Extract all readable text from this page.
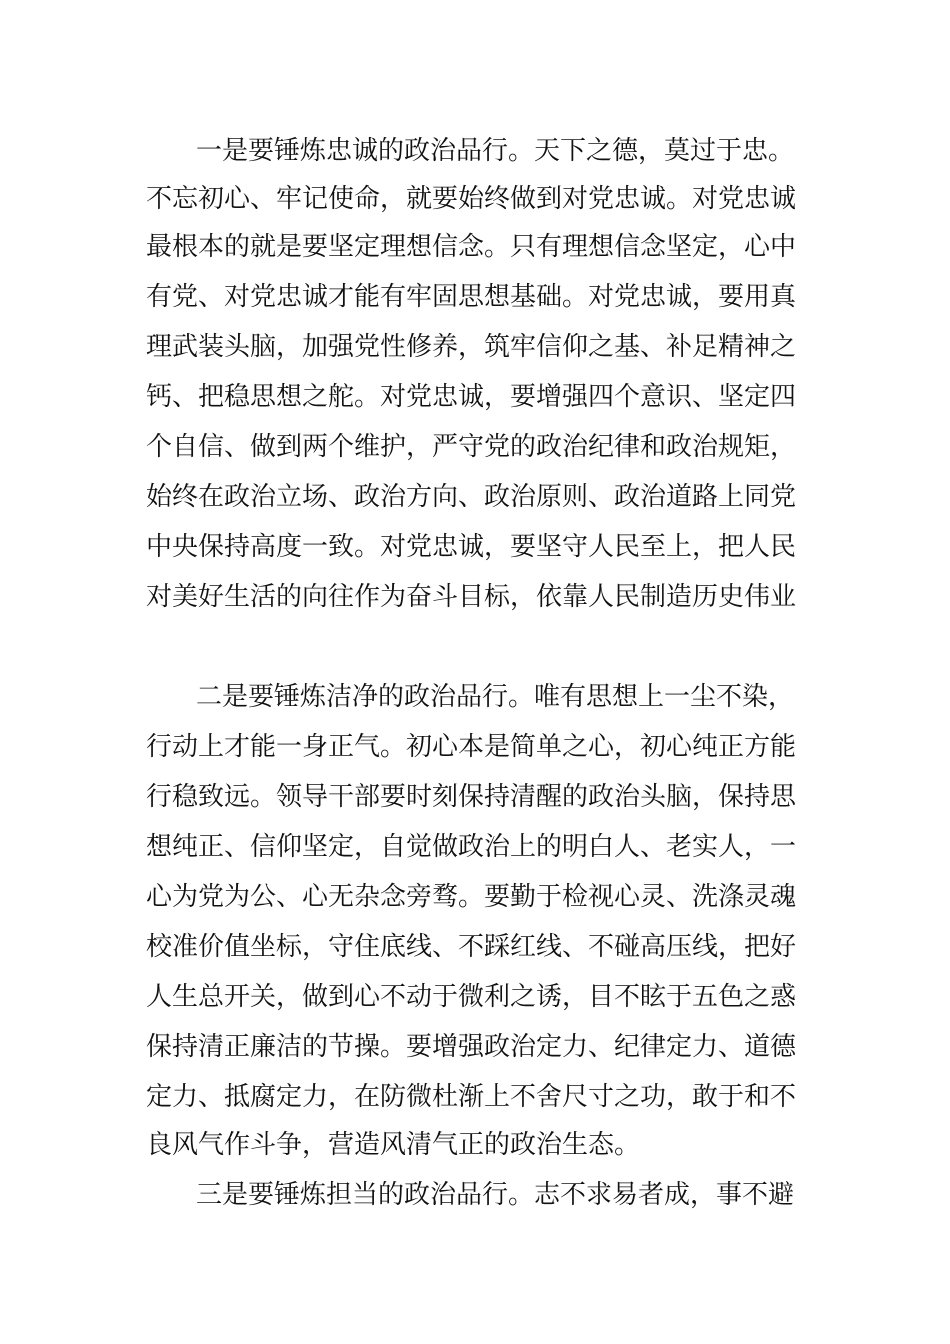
一是要锤炼忠诚的政治品行。天下之德，莫过于忠。
不忘初心、牢记使命，就要始终做到对党忠诚。对党忠诚
最根本的就是要坚定理想信念。只有理想信念坚定，心中
有党、对党忠诚才能有牢固思想基础。对党忠诚，要用真
理武装头脑，加强党性修养，筑牢信仰之基、补足精神之
钙、把稳思想之舵。对党忠诚，要增强四个意识、坚定四
个自信、做到两个维护，严守党的政治纪律和政治规矩，
始终在政治立场、政治方向、政治原则、政治道路上同党
中央保持高度一致。对党忠诚，要坚守人民至上，把人民
对美好生活的向往作为奋斗目标，依靠人民制造历史伟业
二是要锤炼洁净的政治品行。唯有思想上一尘不染，
行动上才能一身正气。初心本是简单之心，初心纯正方能
行稳致远。领导干部要时刻保持清醒的政治头脑，保持思
想纯正、信仰坚定，自觉做政治上的明白人、老实人，一
心为党为公、心无杂念旁骛。要勤于检视心灵、洗涤灵魂
校准价值坐标，守住底线、不踩红线、不碰高压线，把好
人生总开关，做到心不动于微利之诱，目不眩于五色之惑
保持清正廉洁的节操。要增强政治定力、纪律定力、道德
定力、抵腐定力，在防微杜渐上不舍尺寸之功，敢于和不
良风气作斗争，营造风清气正的政治生态。
三是要锤炼担当的政治品行。志不求易者成，事不避
